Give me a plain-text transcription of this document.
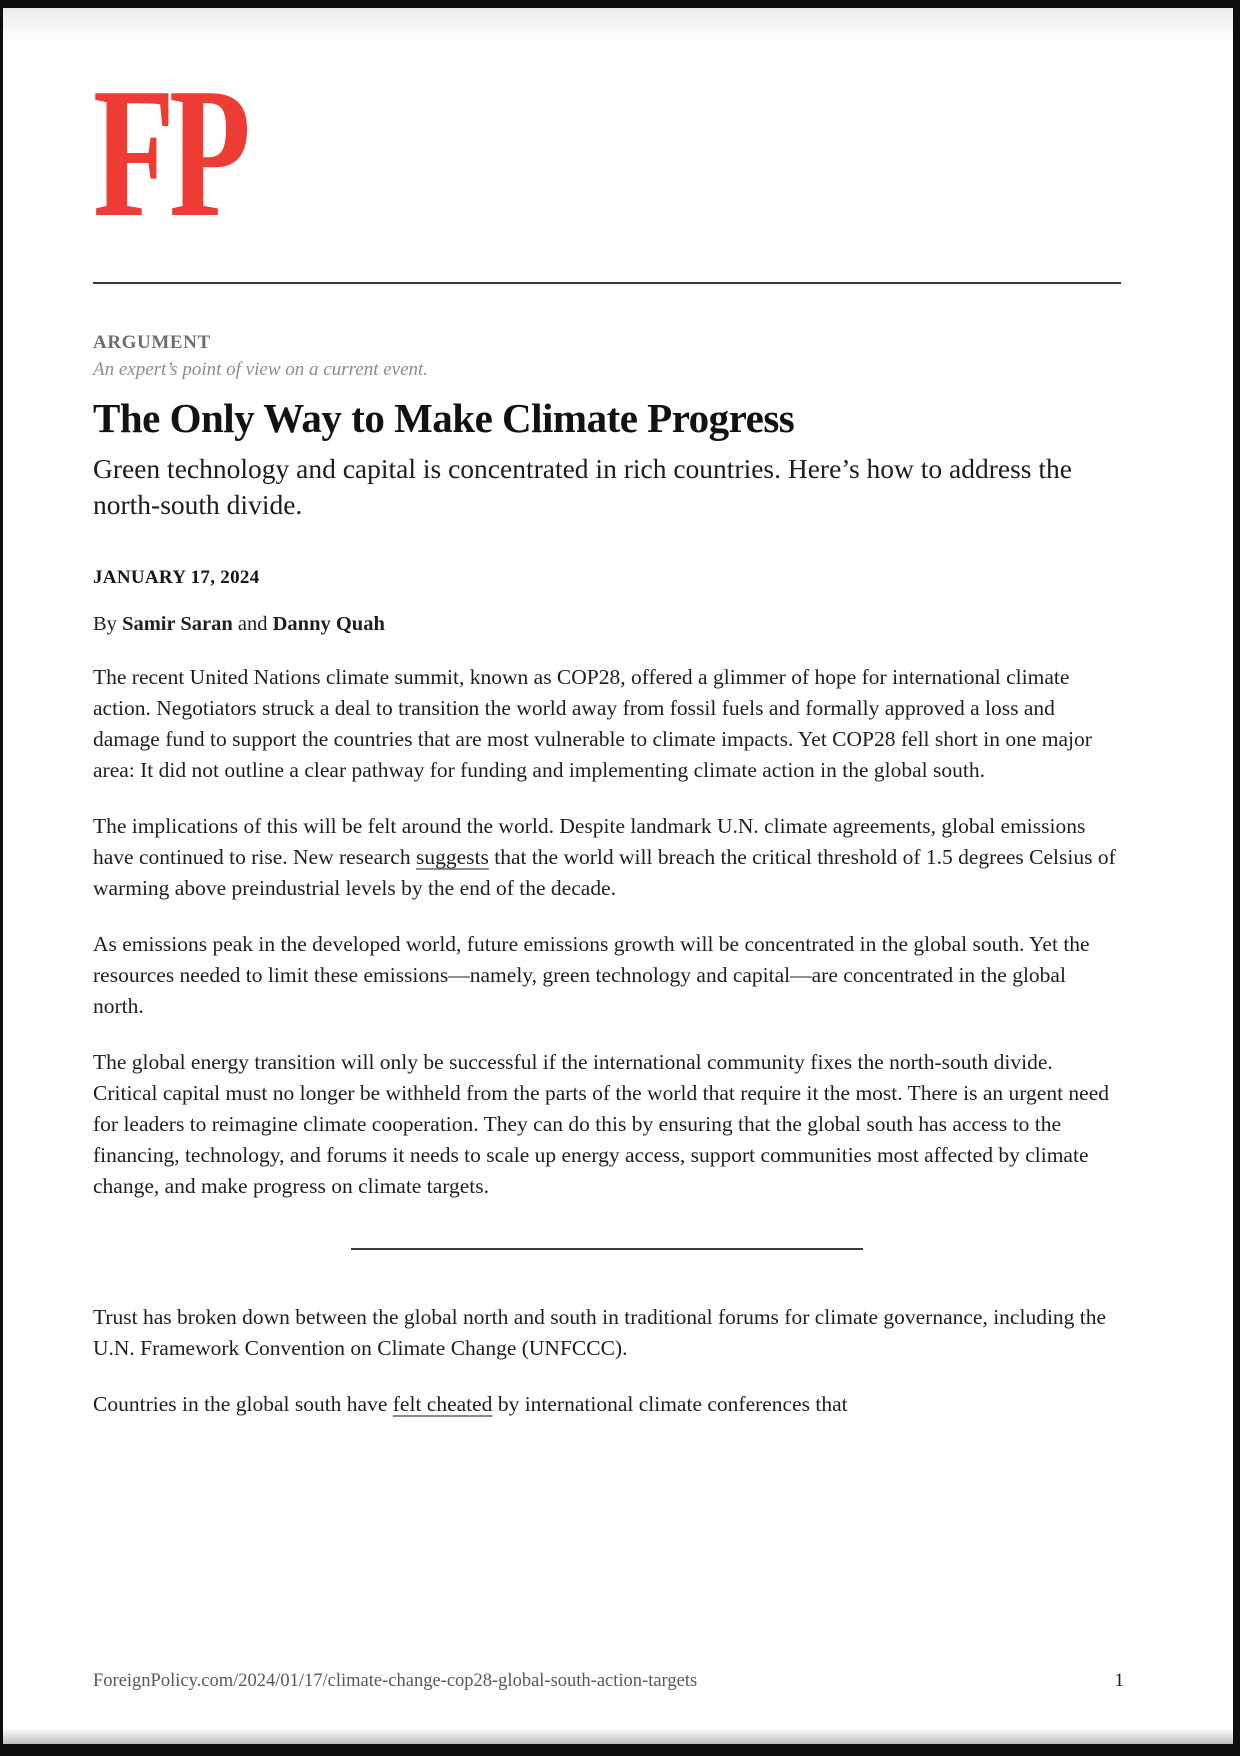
FP
ARGUMENT
An expert’s point of view on a current event.
The Only Way to Make Climate Progress

Green technology and capital is concentrated in rich countries. Here’s how to address the north-south divide.

JANUARY 17, 2024
By Samir Saran and Danny Quah

The recent United Nations climate summit, known as COP28, offered a glimmer of hope for international climate action. Negotiators struck a deal to transition the world away from fossil fuels and formally approved a loss and damage fund to support the countries that are most vulnerable to climate impacts. Yet COP28 fell short in one major area: It did not outline a clear pathway for funding and implementing climate action in the global south.

The implications of this will be felt around the world. Despite landmark U.N. climate agreements, global emissions have continued to rise. New research suggests that the world will breach the critical threshold of 1.5 degrees Celsius of warming above preindustrial levels by the end of the decade.

As emissions peak in the developed world, future emissions growth will be concentrated in the global south. Yet the resources needed to limit these emissions—namely, green technology and capital—are concentrated in the global north.

The global energy transition will only be successful if the international community fixes the north-south divide. Critical capital must no longer be withheld from the parts of the world that require it the most. There is an urgent need for leaders to reimagine climate cooperation. They can do this by ensuring that the global south has access to the financing, technology, and forums it needs to scale up energy access, support communities most affected by climate change, and make progress on climate targets.

Trust has broken down between the global north and south in traditional forums for climate governance, including the U.N. Framework Convention on Climate Change (UNFCCC).

Countries in the global south have felt cheated by international climate conferences that

ForeignPolicy.com/2024/01/17/climate-change-cop28-global-south-action-targets	1
